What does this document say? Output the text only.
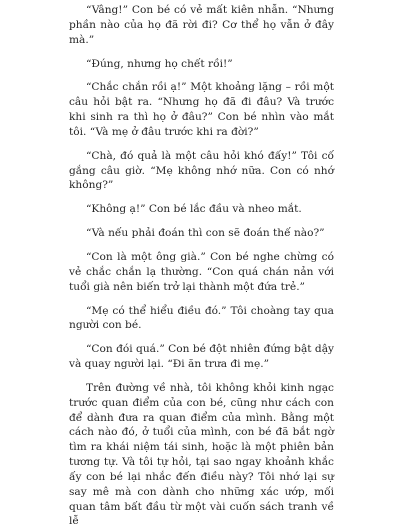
“Vâng!” Con bé có vẻ mất kiên nhẫn. “Nhưng phần nào của họ đã rời đi? Cơ thể họ vẫn ở đây mà.”

“Đúng, nhưng họ chết rồi!”

“Chắc chắn rồi ạ!” Một khoảng lặng – rồi một câu hỏi bật ra. “Nhưng họ đã đi đâu? Và trước khi sinh ra thì họ ở đâu?” Con bé nhìn vào mắt tôi. “Và mẹ ở đâu trước khi ra đời?”

“Chà, đó quả là một câu hỏi khó đấy!” Tôi cố gắng câu giờ. “Mẹ không nhớ nữa. Con có nhớ không?”

“Không ạ!” Con bé lắc đầu và nheo mắt.

“Và nếu phải đoán thì con sẽ đoán thế nào?”

“Con là một ông già.” Con bé nghe chừng có vẻ chắc chắn lạ thường. “Con quá chán nản với tuổi già nên biến trở lại thành một đứa trẻ.”

“Mẹ có thể hiểu điều đó.” Tôi choàng tay qua người con bé.

“Con đói quá.” Con bé đột nhiên đứng bật dậy và quay người lại. “Đi ăn trưa đi mẹ.”

Trên đường về nhà, tôi không khỏi kinh ngạc trước quan điểm của con bé, cũng như cách con để dành đưa ra quan điểm của mình. Bằng một cách nào đó, ở tuổi của mình, con bé đã bắt ngờ tìm ra khái niệm tái sinh, hoặc là một phiên bản tương tự. Và tôi tự hỏi, tại sao ngay khoảnh khắc ấy con bé lại nhắc đến điều này? Tôi nhớ lại sự say mê mà con dành cho những xác ướp, mối quan tâm bất đầu từ một vài cuốn sách tranh về lễ
